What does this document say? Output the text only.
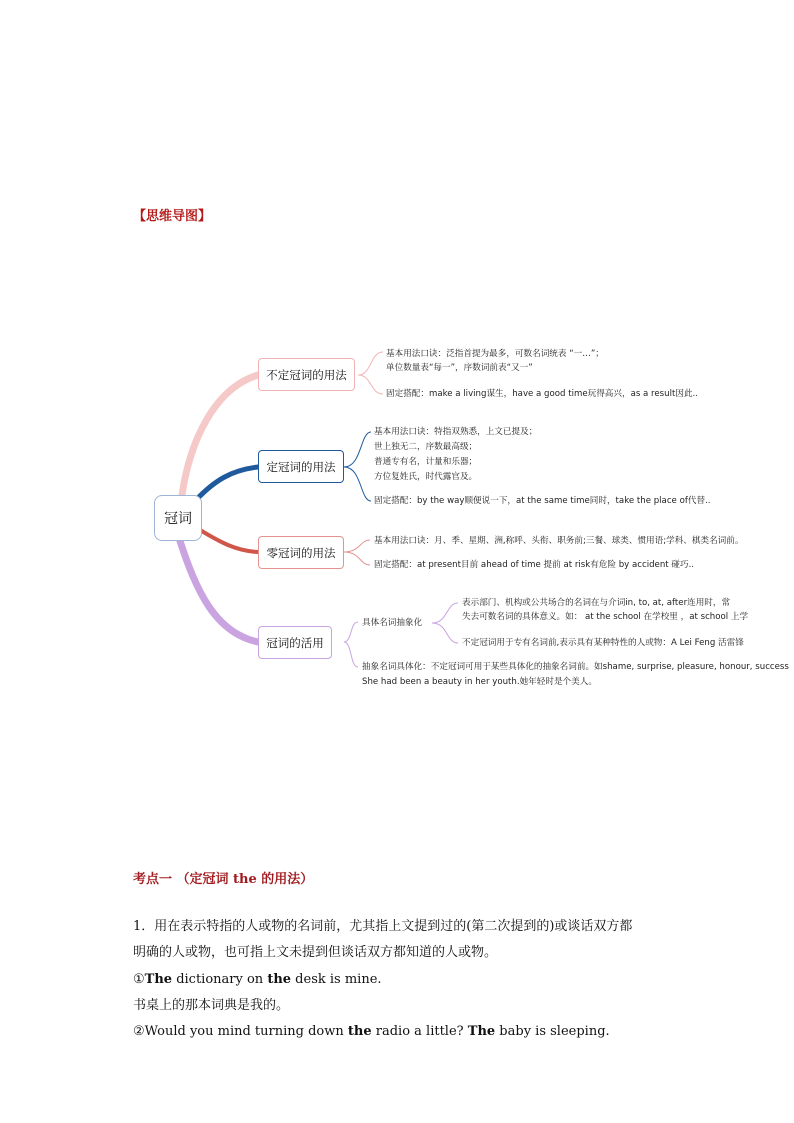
【思维导图】
冠词
不定冠词的用法
定冠词的用法
零冠词的用法
冠词的活用
基本用法口诀：泛指首提为最多，可数名词统表 “一…”；
单位数量表“每一”，序数词前表“又一”
固定搭配：make a living谋生，have a good time玩得高兴，as a result因此..
基本用法口诀：特指双熟悉，上文已提及；
世上独无二，序数最高级；
普通专有名，计量和乐器；
方位复姓氏，时代露官及。
固定搭配：by the way顺便说一下，at the same time同时，take the place of代替..
基本用法口诀：月、季、星期、洲,称呼、头衔、职务前;三餐、球类、惯用语;学科、棋类名词前。
固定搭配：at present目前 ahead of time 提前 at risk有危险 by accident 碰巧..
具体名词抽象化
表示部门、机构或公共场合的名词在与介词in, to, at, after连用时，常
失去可数名词的具体意义。如： at the school 在学校里 ，at school 上学
不定冠词用于专有名词前,表示具有某种特性的人或物：A Lei Feng 活雷锋
抽象名词具体化：不定冠词可用于某些具体化的抽象名词前。如shame, surprise, pleasure, honour, success
She had been a beauty in her youth.她年轻时是个美人。
考点一 （定冠词 the 的用法）
1．用在表示特指的人或物的名词前，尤其指上文提到过的(第二次提到的)或谈话双方都
明确的人或物，也可指上文未提到但谈话双方都知道的人或物。
①The dictionary on the desk is mine.
书桌上的那本词典是我的。
②Would you mind turning down the radio a little? The baby is sleeping.
